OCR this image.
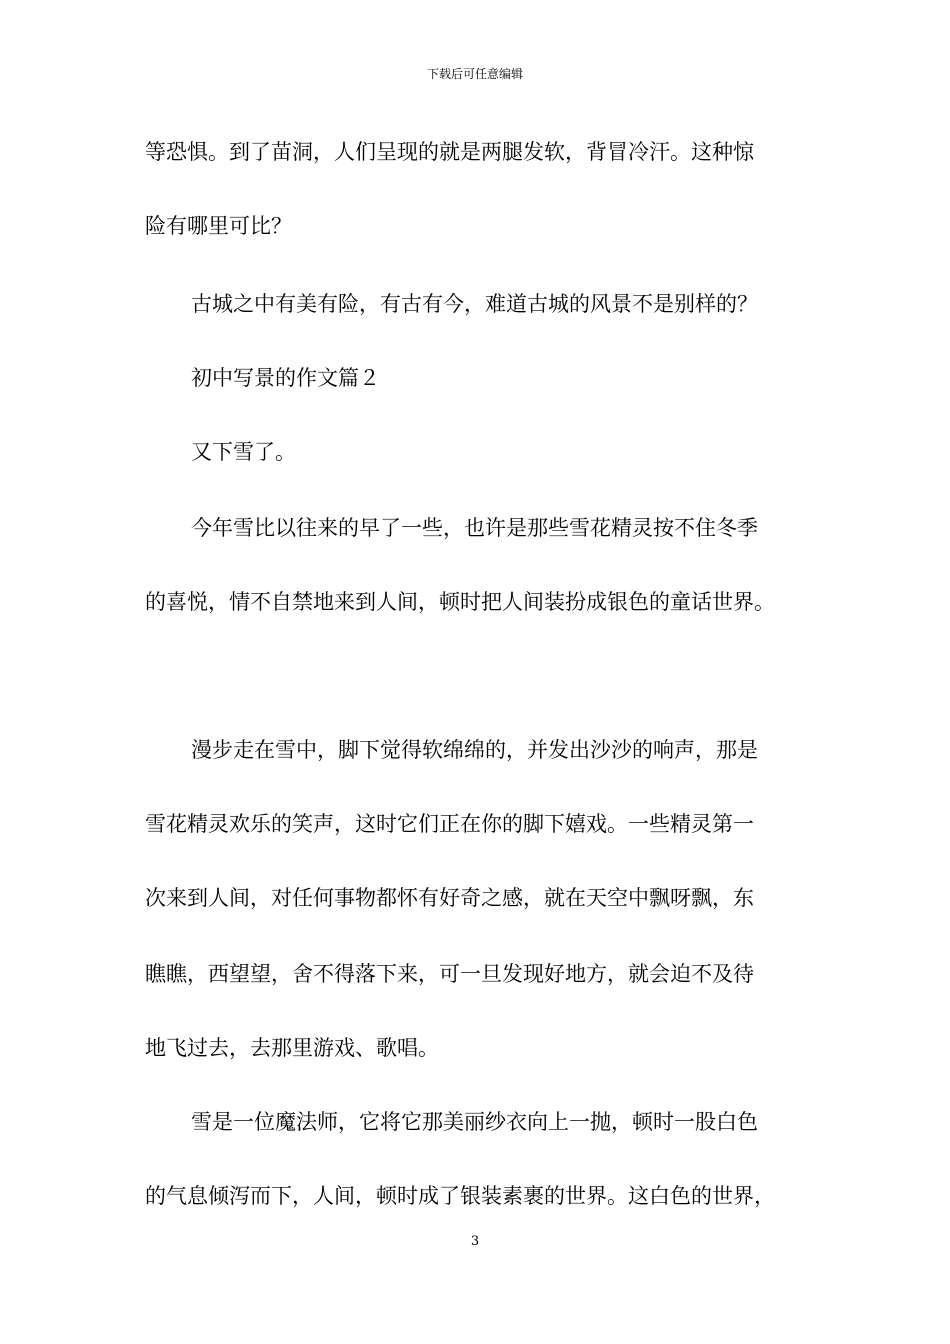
下载后可任意编辑
等恐惧。到了苗洞，人们呈现的就是两腿发软，背冒冷汗。这种惊
险有哪里可比？
古城之中有美有险，有古有今，难道古城的风景不是别样的？
初中写景的作文篇２
又下雪了。
今年雪比以往来的早了一些，也许是那些雪花精灵按不住冬季
的喜悦，情不自禁地来到人间，顿时把人间装扮成银色的童话世界。
漫步走在雪中，脚下觉得软绵绵的，并发出沙沙的响声，那是
雪花精灵欢乐的笑声，这时它们正在你的脚下嬉戏。一些精灵第一
次来到人间，对任何事物都怀有好奇之感，就在天空中飘呀飘，东
瞧瞧，西望望，舍不得落下来，可一旦发现好地方，就会迫不及待
地飞过去，去那里游戏、歌唱。
雪是一位魔法师，它将它那美丽纱衣向上一抛，顿时一股白色
的气息倾泻而下，人间，顿时成了银装素裹的世界。这白色的世界，
3
